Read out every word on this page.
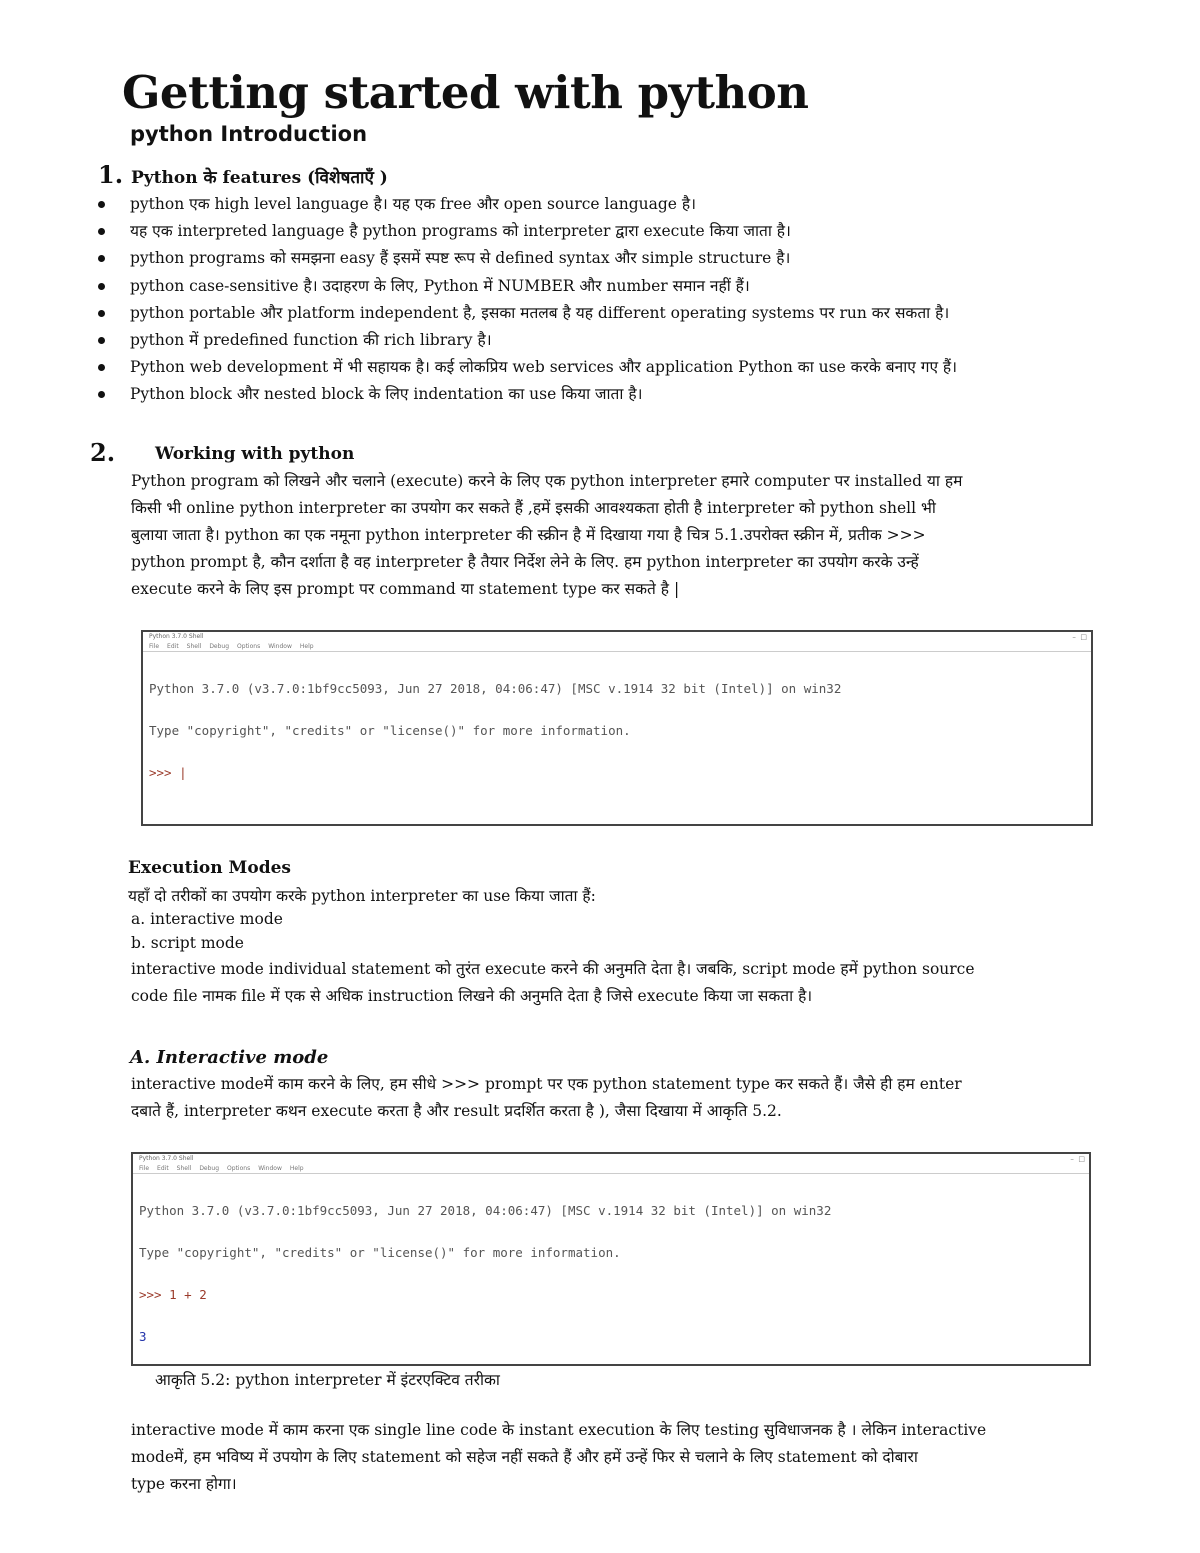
Getting started with python
python Introduction
1. Python के features (विशेषताएँ )
python एक high level language है। यह एक free और open source language है।
यह एक interpreted language है python programs को interpreter द्वारा execute किया जाता है।
python programs को समझना easy हैं इसमें स्पष्ट रूप से defined syntax और simple structure है।
python case-sensitive है। उदाहरण के लिए, Python में NUMBER और number समान नहीं हैं।
python portable और platform independent है, इसका मतलब है यह different operating systems पर run कर सकता है।
python में predefined function की rich library है।
Python web development में भी सहायक है। कई लोकप्रिय web services और application Python का use करके बनाए गए हैं।
Python block और nested block के लिए indentation का use किया जाता है।
2. Working with python
Python program को लिखने और चलाने (execute) करने के लिए एक python interpreter हमारे computer पर installed या हम
किसी भी online python interpreter का उपयोग कर सकते हैं ,हमें इसकी आवश्यकता होती है interpreter को python shell भी
बुलाया जाता है। python का एक नमूना python interpreter की स्क्रीन है में दिखाया गया है चित्र 5.1.उपरोक्त स्क्रीन में, प्रतीक >>>
python prompt है, कौन दर्शाता है वह interpreter है तैयार निर्देश लेने के लिए. हम python interpreter का उपयोग करके उन्हें
execute करने के लिए इस prompt पर command या statement type कर सकते है |
Python 3.7.0 Shell	–  □
File Edit Shell Debug Options Window Help

Python 3.7.0 (v3.7.0:1bf9cc5093, Jun 27 2018, 04:06:47) [MSC v.1914 32 bit (Intel)] on win32

Type "copyright", "credits" or "license()" for more information.

>>> |

Execution Modes
यहाँ दो तरीकों का उपयोग करके python interpreter का use किया जाता हैं:
a. interactive mode
b. script mode
interactive mode individual statement को तुरंत execute करने की अनुमति देता है। जबकि, script mode हमें python source
code file नामक file में एक से अधिक instruction लिखने की अनुमति देता है जिसे execute किया जा सकता है।
A. Interactive mode
interactive modeमें काम करने के लिए, हम सीधे >>> prompt पर एक python statement type कर सकते हैं। जैसे ही हम enter
दबाते हैं, interpreter कथन execute करता है और result प्रदर्शित करता है ), जैसा दिखाया में आकृति 5.2.
Python 3.7.0 Shell	–  □
File Edit Shell Debug Options Window Help

Python 3.7.0 (v3.7.0:1bf9cc5093, Jun 27 2018, 04:06:47) [MSC v.1914 32 bit (Intel)] on win32

Type "copyright", "credits" or "license()" for more information.

>>> 1 + 2

3

आकृति 5.2: python interpreter में इंटरएक्टिव तरीका
interactive mode में काम करना एक single line code के instant execution के लिए testing सुविधाजनक है । लेकिन interactive
modeमें, हम भविष्य में उपयोग के लिए statement को सहेज नहीं सकते हैं और हमें उन्हें फिर से चलाने के लिए statement को दोबारा
type करना होगा।
